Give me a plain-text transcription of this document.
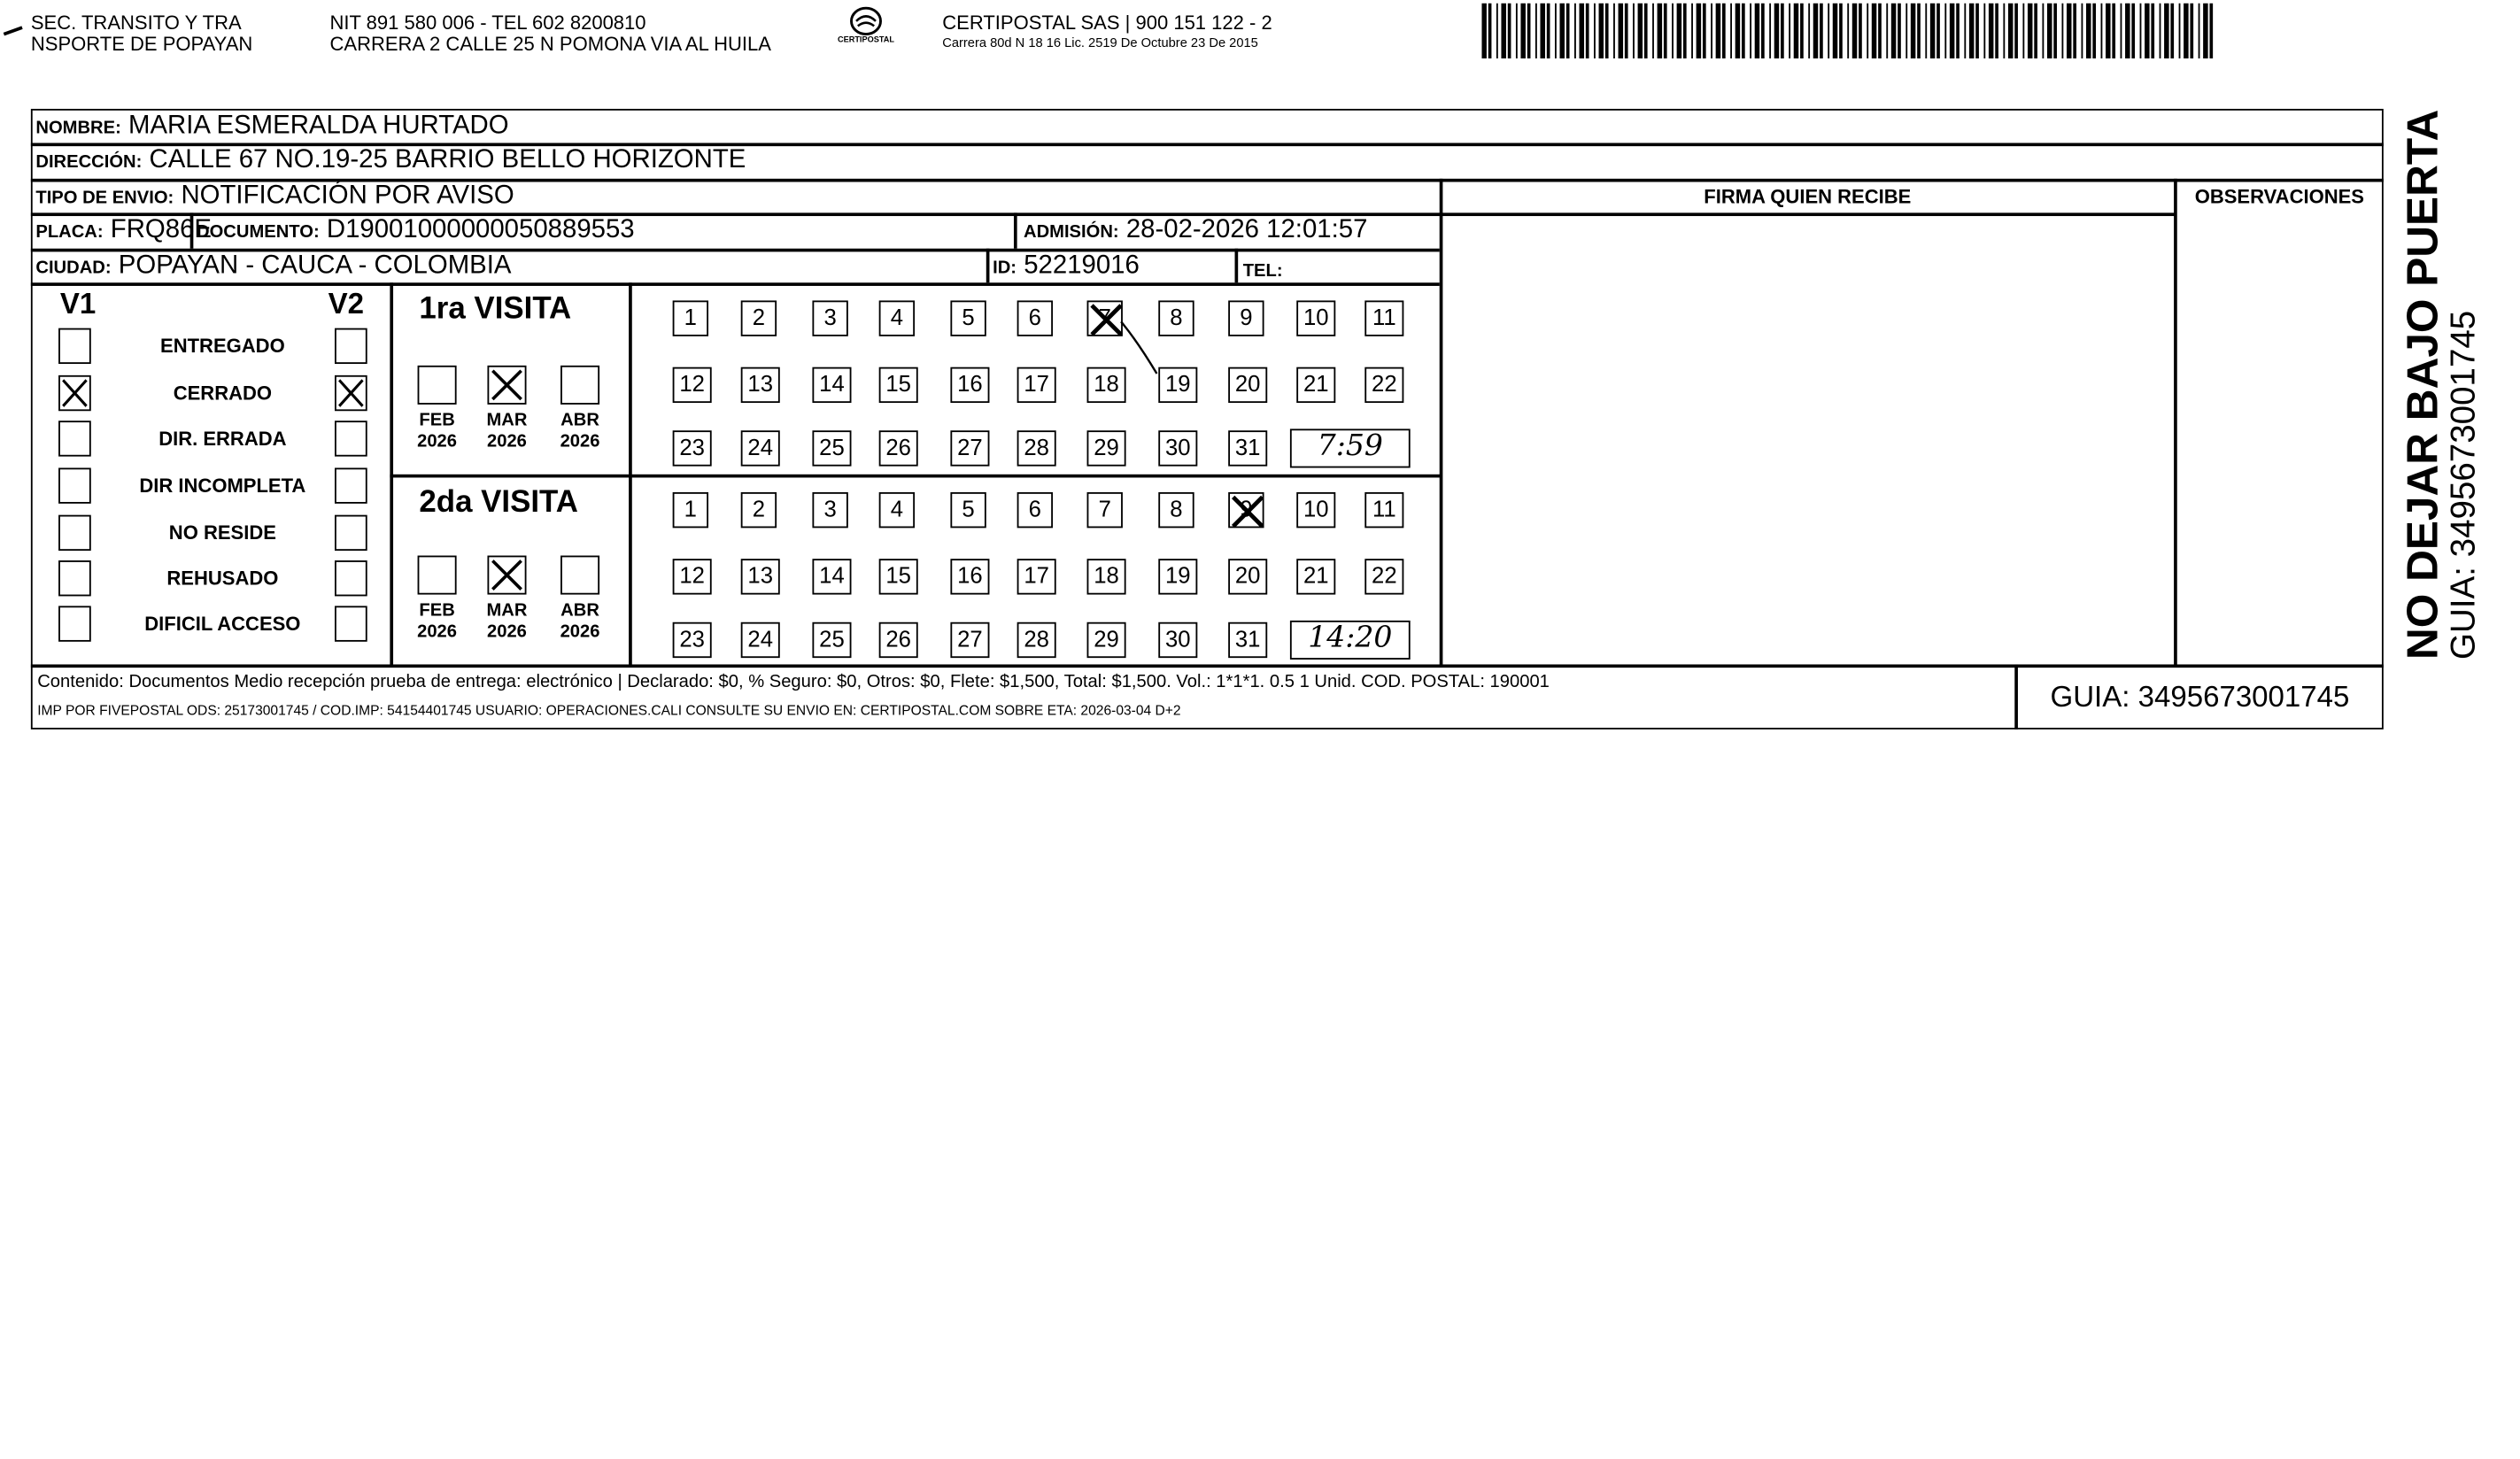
SEC. TRANSITO Y TRA
NSPORTE DE POPAYAN
NIT 891 580 006 - TEL 602 8200810
CARRERA 2 CALLE 25 N POMONA VIA AL HUILA	CERTIPOSTAL
CERTIPOSTAL SAS | 900 151 122 - 2
Carrera 80d N 18 16 Lic. 2519 De Octubre 23 De 2015
NOMBRE: MARIA ESMERALDA HURTADO
DIRECCIÓN: CALLE 67 NO.19-25 BARRIO BELLO HORIZONTE
TIPO DE ENVIO: NOTIFICACIÓN POR AVISO	FIRMA QUIEN RECIBE	OBSERVACIONES
PLACA: FRQ86E
DOCUMENTO: D19001000000050889553	ADMISIÓN: 28-02-2026 12:01:57
CIUDAD: POPAYAN - CAUCA - COLOMBIA	ID: 52219016	TEL:
V1	V2
ENTREGADO
CERRADO
DIR. ERRADA
DIR INCOMPLETA
NO RESIDE
REHUSADO
DIFICIL ACCESO
1ra VISITA
FEB
2026
MAR
2026
ABR
2026
1	2	3	4	5	6	7	8	9	10	11
12	13	14	15	16	17	18	19	20	21	22
23	24	25	26	27	28	29	30	31	7:59
2da VISITA
FEB
2026
MAR
2026
ABR
2026
1	2	3	4	5	6	7	8	9	10	11
12	13	14	15	16	17	18	19	20	21	22
23	24	25	26	27	28	29	30	31	14:20
Contenido: Documentos Medio recepción prueba de entrega: electrónico | Declarado: $0, % Seguro: $0, Otros: $0, Flete: $1,500, Total: $1,500. Vol.: 1*1*1. 0.5 1 Unid. COD. POSTAL: 190001
IMP POR FIVEPOSTAL ODS: 25173001745 / COD.IMP: 54154401745 USUARIO: OPERACIONES.CALI CONSULTE SU ENVIO EN: CERTIPOSTAL.COM SOBRE ETA: 2026-03-04 D+2	GUIA: 3495673001745
NO DEJAR BAJO PUERTA
GUIA: 3495673001745
